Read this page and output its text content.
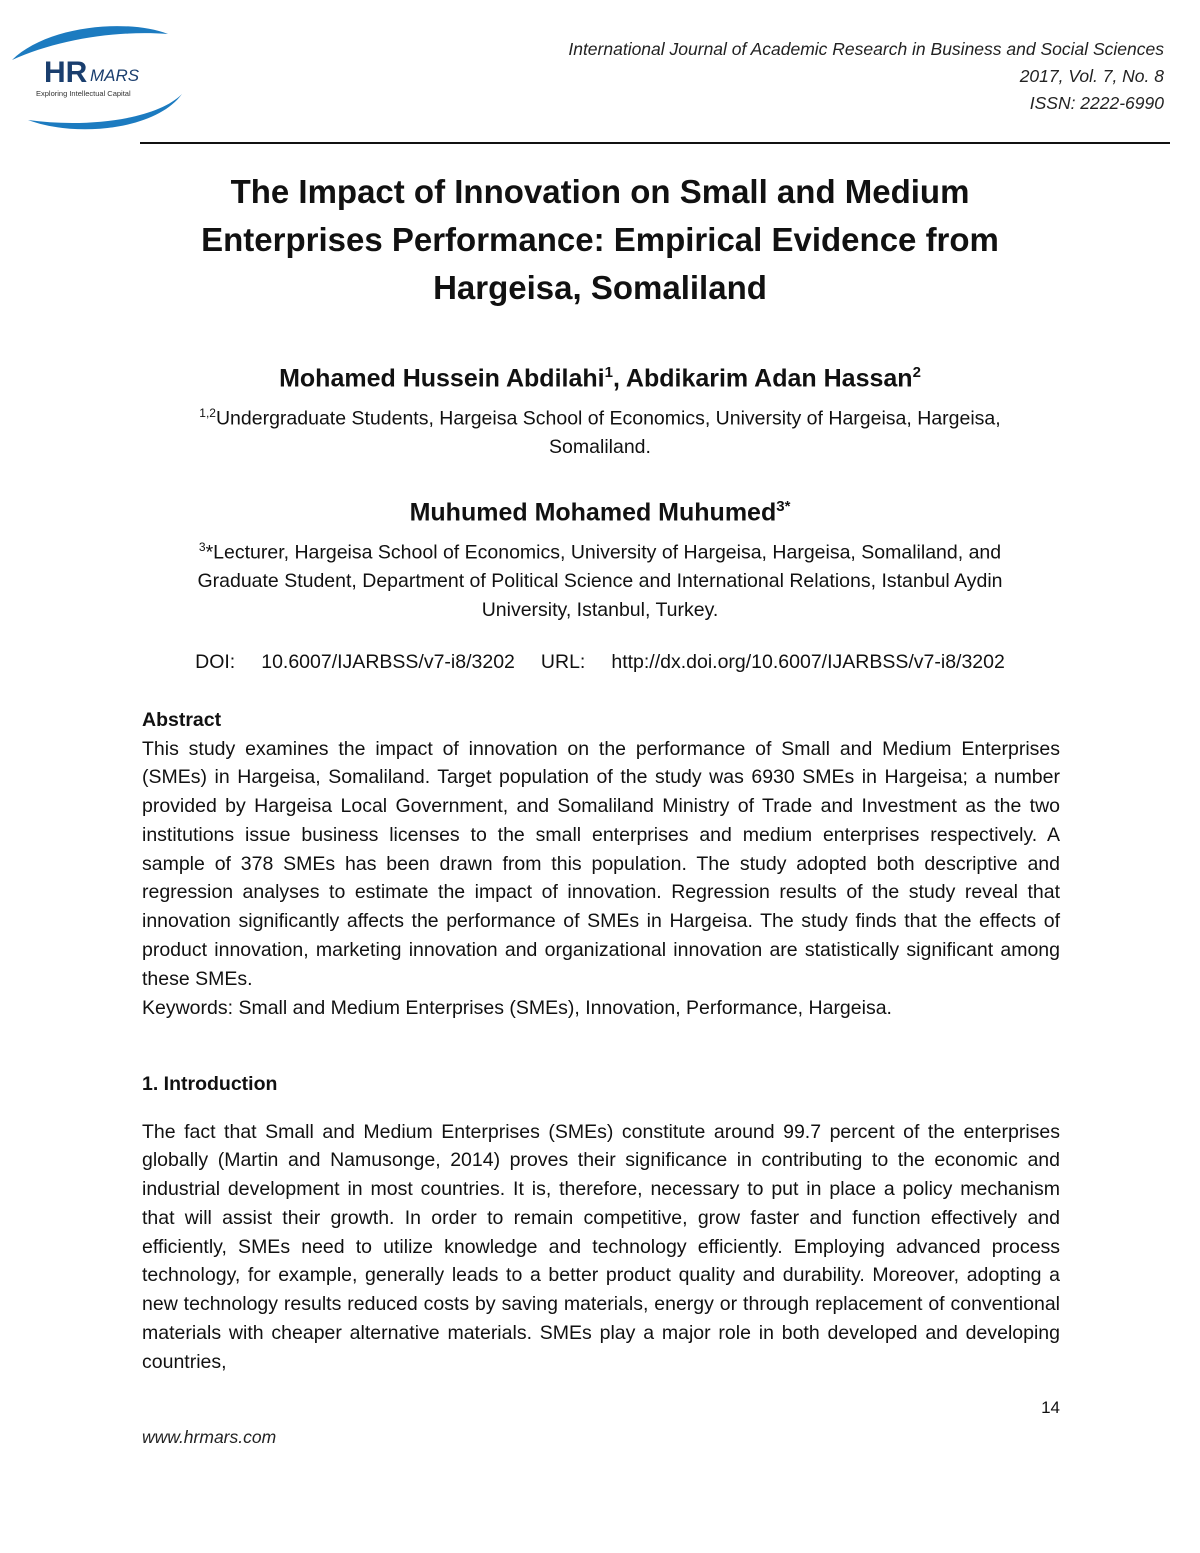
HR MARS
Exploring Intellectual Capital
International Journal of Academic Research in Business and Social Sciences
2017, Vol. 7, No. 8
ISSN: 2222-6990
The Impact of Innovation on Small and Medium
Enterprises Performance: Empirical Evidence from
Hargeisa, Somaliland
Mohamed Hussein Abdilahi$^1$, Abdikarim Adan Hassan$^2$
$^{1,2}$Undergraduate Students, Hargeisa School of Economics, University of Hargeisa, Hargeisa,
Somaliland.
Muhumed Mohamed Muhumed$^{3*}$
$^3$*Lecturer, Hargeisa School of Economics, University of Hargeisa, Hargeisa, Somaliland, and
Graduate Student, Department of Political Science and International Relations, Istanbul Aydin
University, Istanbul, Turkey.
DOI: 10.6007/IJARBSS/v7-i8/3202 URL: http://dx.doi.org/10.6007/IJARBSS/v7-i8/3202
Abstract

This study examines the impact of innovation on the performance of Small and Medium Enterprises (SMEs) in Hargeisa, Somaliland. Target population of the study was 6930 SMEs in Hargeisa; a number provided by Hargeisa Local Government, and Somaliland Ministry of Trade and Investment as the two institutions issue business licenses to the small enterprises and medium enterprises respectively. A sample of 378 SMEs has been drawn from this population. The study adopted both descriptive and regression analyses to estimate the impact of innovation. Regression results of the study reveal that innovation significantly affects the performance of SMEs in Hargeisa. The study finds that the effects of product innovation, marketing innovation and organizational innovation are statistically significant among these SMEs.

Keywords: Small and Medium Enterprises (SMEs), Innovation, Performance, Hargeisa.

1. Introduction

The fact that Small and Medium Enterprises (SMEs) constitute around 99.7 percent of the enterprises globally (Martin and Namusonge, 2014) proves their significance in contributing to the economic and industrial development in most countries. It is, therefore, necessary to put in place a policy mechanism that will assist their growth. In order to remain competitive, grow faster and function effectively and efficiently, SMEs need to utilize knowledge and technology efficiently. Employing advanced process technology, for example, generally leads to a better product quality and durability. Moreover, adopting a new technology results reduced costs by saving materials, energy or through replacement of conventional materials with cheaper alternative materials. SMEs play a major role in both developed and developing countries,

14
www.hrmars.com
